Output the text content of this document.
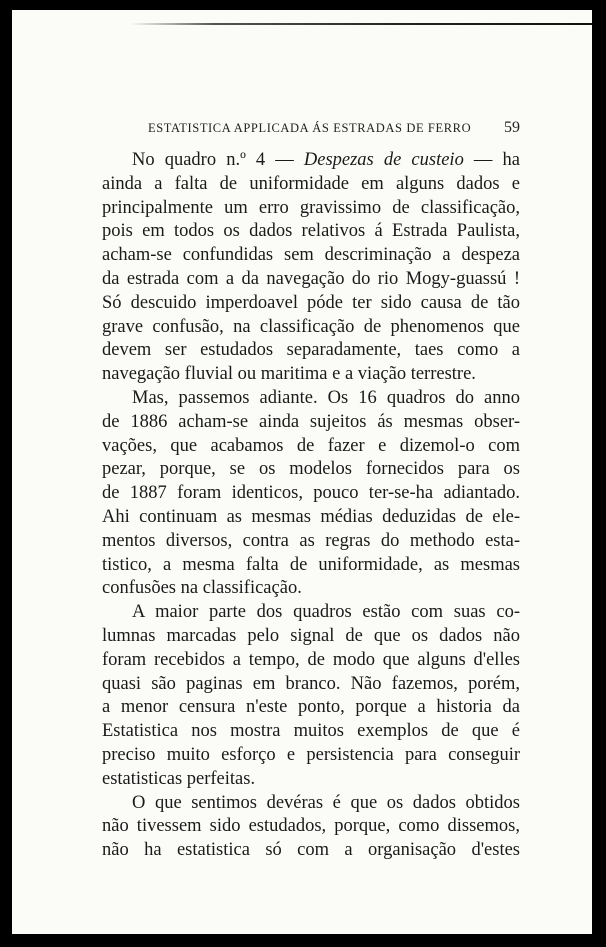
ESTATISTICA APPLICADA ÁS ESTRADAS DE FERRO 59

No quadro n.º 4 — Despezas de custeio — ha

ainda a falta de uniformidade em alguns dados e

principalmente um erro gravissimo de classificação,

pois em todos os dados relativos á Estrada Paulista,

acham-se confundidas sem descriminação a despeza

da estrada com a da navegação do rio Mogy-guassú !

Só descuido imperdoavel póde ter sido causa de tão

grave confusão, na classificação de phenomenos que

devem ser estudados separadamente, taes como a

navegação fluvial ou maritima e a viação terrestre.

Mas, passemos adiante. Os 16 quadros do anno

de 1886 acham-se ainda sujeitos ás mesmas obser-

vações, que acabamos de fazer e dizemol-o com

pezar, porque, se os modelos fornecidos para os

de 1887 foram identicos, pouco ter-se-ha adiantado.

Ahi continuam as mesmas médias deduzidas de ele-

mentos diversos, contra as regras do methodo esta-

tistico, a mesma falta de uniformidade, as mesmas

confusões na classificação.

A maior parte dos quadros estão com suas co-

lumnas marcadas pelo signal de que os dados não

foram recebidos a tempo, de modo que alguns d'elles

quasi são paginas em branco. Não fazemos, porém,

a menor censura n'este ponto, porque a historia da

Estatistica nos mostra muitos exemplos de que é

preciso muito esforço e persistencia para conseguir

estatisticas perfeitas.

O que sentimos devéras é que os dados obtidos

não tivessem sido estudados, porque, como dissemos,

não ha estatistica só com a organisação d'estes
